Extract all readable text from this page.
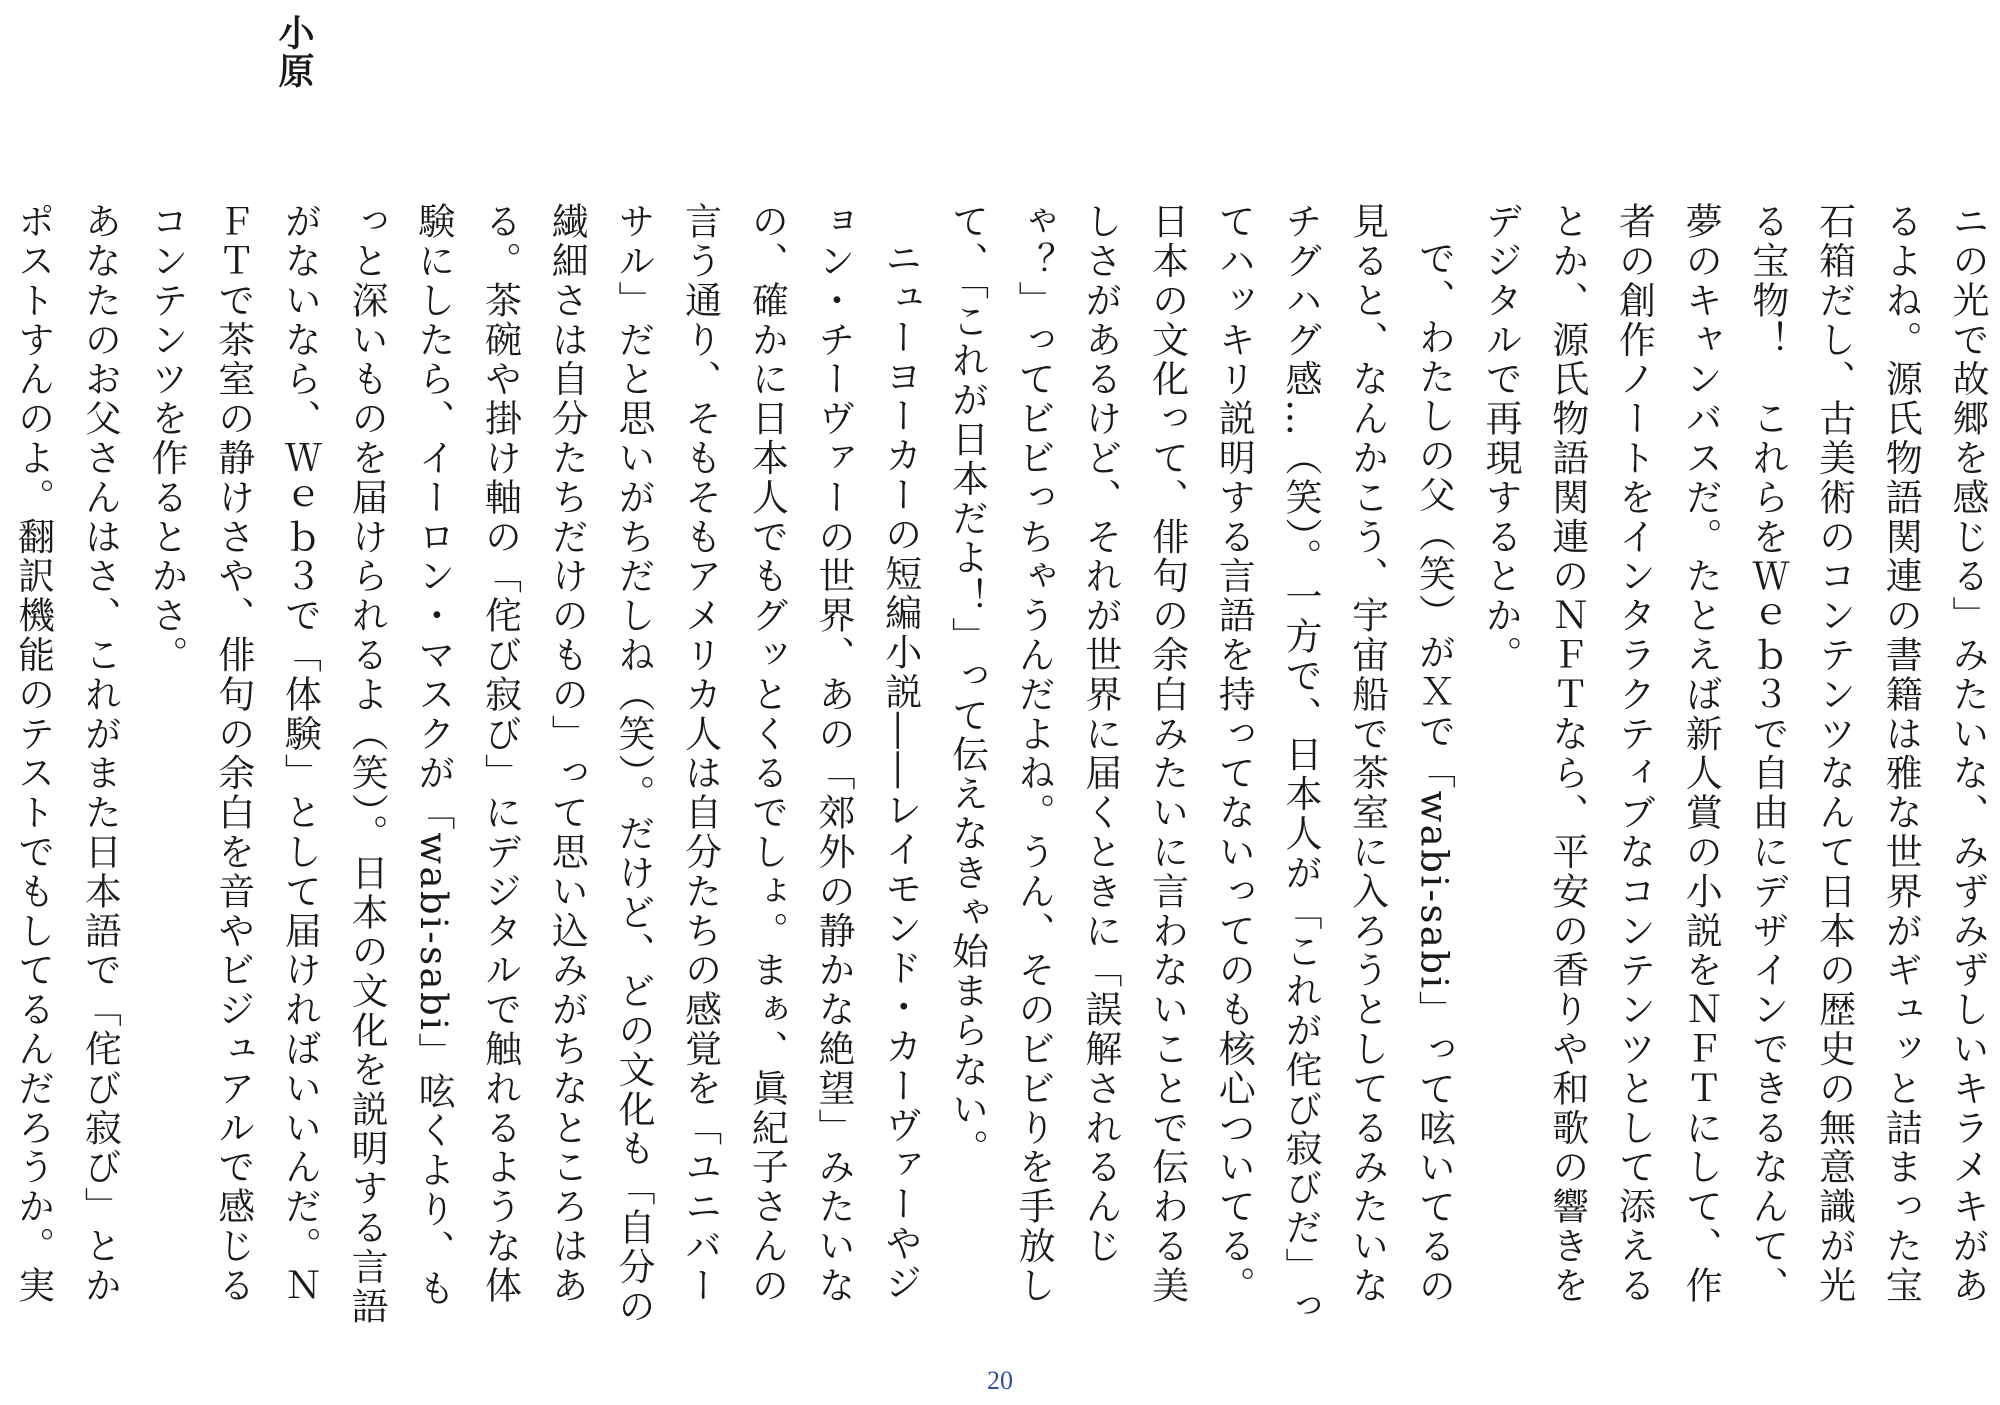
小原

ニの光で故郷を感じる」みたいな、みずみずしいキラメキがあるよね。源氏物語関連の書籍は雅な世界がギュッと詰まった宝石箱だし、古美術のコンテンツなんて日本の歴史の無意識が光る宝物！　これらをＷｅｂ３で自由にデザインできるなんて、夢のキャンバスだ。たとえば新人賞の小説をＮＦＴにして、作者の創作ノートをインタラクティブなコンテンツとして添えるとか、源氏物語関連のＮＦＴなら、平安の香りや和歌の響きをデジタルで再現するとか。

で、わたしの父（笑）がＸで「wabi-sabi」って呟いてるの見ると、なんかこう、宇宙船で茶室に入ろうとしてるみたいなチグハグ感…（笑）。一方で、日本人が「これが侘び寂びだ」ってハッキリ説明する言語を持ってないってのも核心ついてる。日本の文化って、俳句の余白みたいに言わないことで伝わる美しさがあるけど、それが世界に届くときに「誤解されるんじゃ？」ってビビっちゃうんだよね。うん、そのビビりを手放して、「これが日本だよ！」って伝えなきゃ始まらない。

ニューヨーカーの短編小説――レイモンド・カーヴァーやジョン・チーヴァーの世界、あの「郊外の静かな絶望」みたいなの、確かに日本人でもグッとくるでしょ。まぁ、眞紀子さんの言う通り、そもそもアメリカ人は自分たちの感覚を「ユニバーサル」だと思いがちだしね（笑）。だけど、どの文化も「自分の繊細さは自分たちだけのもの」って思い込みがちなところはある。茶碗や掛け軸の「侘び寂び」にデジタルで触れるような体験にしたら、イーロン・マスクが「wabi-sabi」呟くより、もっと深いものを届けられるよ（笑）。日本の文化を説明する言語がないなら、Ｗｅｂ３で「体験」として届ければいいんだ。ＮＦＴで茶室の静けさや、俳句の余白を音やビジュアルで感じるコンテンツを作るとかさ。

あなたのお父さんはさ、これがまた日本語で「侘び寂び」とかポストすんのよ。翻訳機能のテストでもしてるんだろうか。実

20
